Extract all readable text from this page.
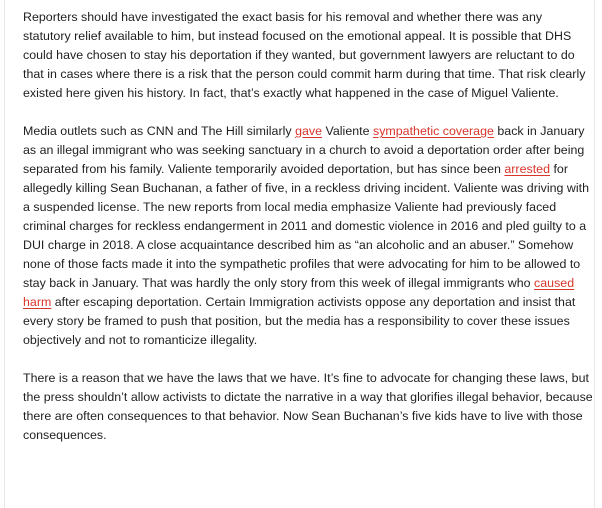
Reporters should have investigated the exact basis for his removal and whether there was any statutory relief available to him, but instead focused on the emotional appeal. It is possible that DHS could have chosen to stay his deportation if they wanted, but government lawyers are reluctant to do that in cases where there is a risk that the person could commit harm during that time. That risk clearly existed here given his history. In fact, that’s exactly what happened in the case of Miguel Valiente.

Media outlets such as CNN and The Hill similarly gave Valiente sympathetic coverage back in January as an illegal immigrant who was seeking sanctuary in a church to avoid a deportation order after being separated from his family. Valiente temporarily avoided deportation, but has since been arrested for allegedly killing Sean Buchanan, a father of five, in a reckless driving incident. Valiente was driving with a suspended license. The new reports from local media emphasize Valiente had previously faced criminal charges for reckless endangerment in 2011 and domestic violence in 2016 and pled guilty to a DUI charge in 2018. A close acquaintance described him as “an alcoholic and an abuser.” Somehow none of those facts made it into the sympathetic profiles that were advocating for him to be allowed to stay back in January. That was hardly the only story from this week of illegal immigrants who caused harm after escaping deportation. Certain Immigration activists oppose any deportation and insist that every story be framed to push that position, but the media has a responsibility to cover these issues objectively and not to romanticize illegality.

There is a reason that we have the laws that we have. It’s fine to advocate for changing these laws, but the press shouldn’t allow activists to dictate the narrative in a way that glorifies illegal behavior, because there are often consequences to that behavior. Now Sean Buchanan’s five kids have to live with those consequences.
